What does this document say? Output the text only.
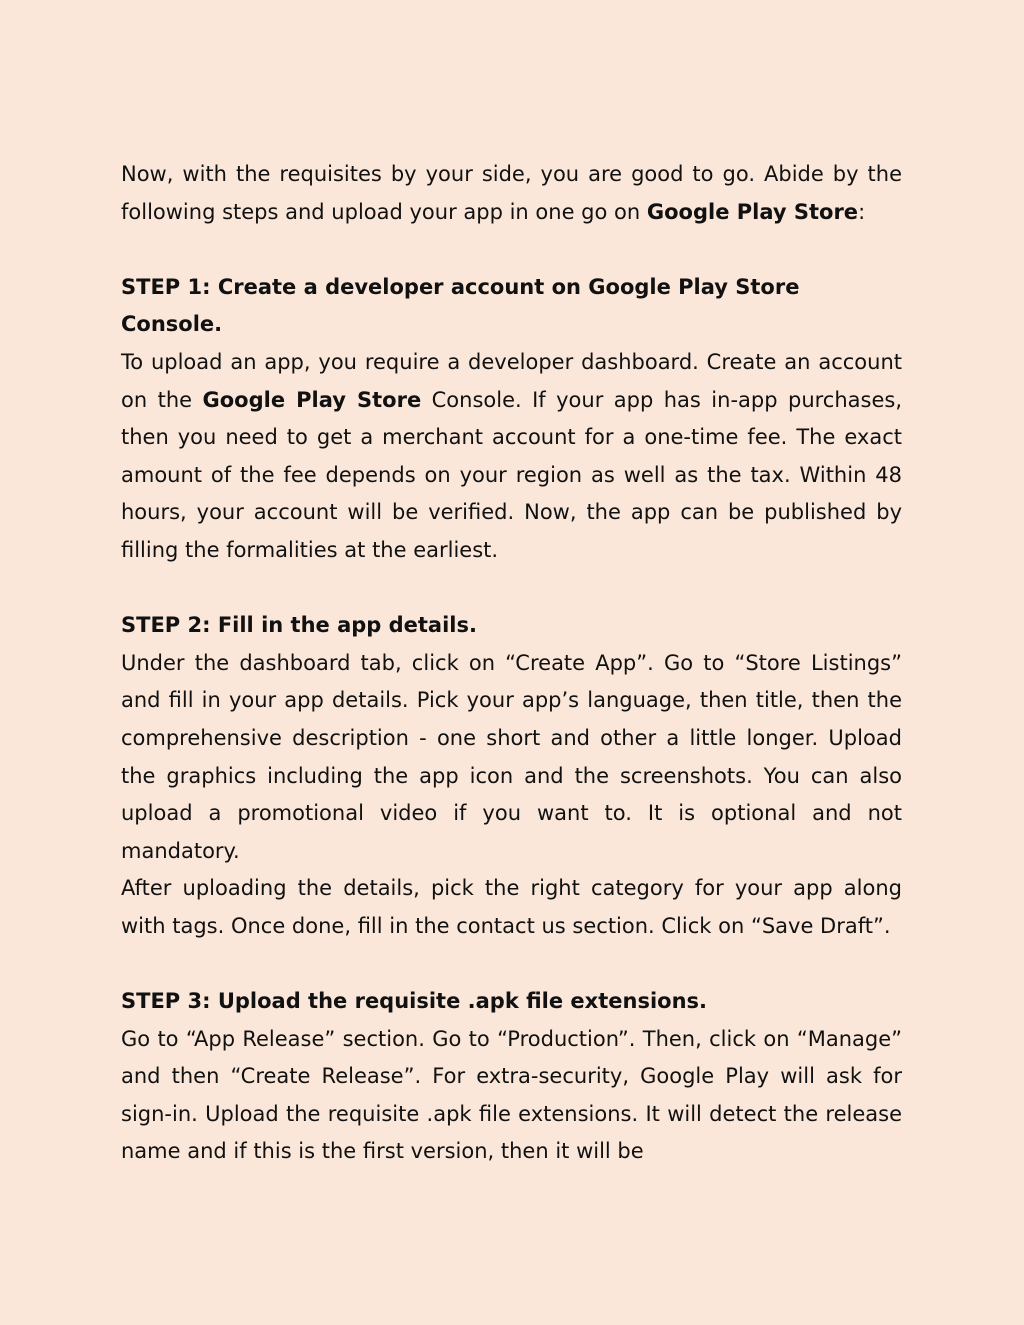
Now, with the requisites by your side, you are good to go. Abide by the following steps and upload your app in one go on Google Play Store:

STEP 1: Create a developer account on Google Play Store Console.

To upload an app, you require a developer dashboard. Create an account on the Google Play Store Console. If your app has in-app purchases, then you need to get a merchant account for a one-time fee. The exact amount of the fee depends on your region as well as the tax. Within 48 hours, your account will be verified. Now, the app can be published by filling the formalities at the earliest.

STEP 2: Fill in the app details.

Under the dashboard tab, click on “Create App”. Go to “Store Listings” and fill in your app details. Pick your app’s language, then title, then the comprehensive description - one short and other a little longer. Upload the graphics including the app icon and the screenshots. You can also upload a promotional video if you want to. It is optional and not mandatory.

After uploading the details, pick the right category for your app along with tags. Once done, fill in the contact us section. Click on “Save Draft”.

STEP 3: Upload the requisite .apk file extensions.

Go to “App Release” section. Go to “Production”. Then, click on “Manage” and then “Create Release”. For extra-security, Google Play will ask for sign-in. Upload the requisite .apk file extensions. It will detect the release name and if this is the first version, then it will be
